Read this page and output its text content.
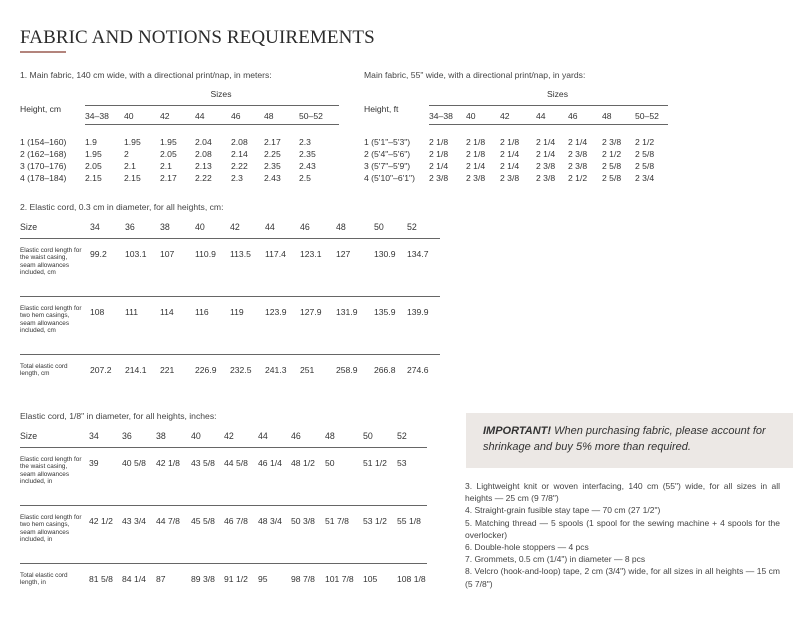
FABRIC AND NOTIONS REQUIREMENTS
1. Main fabric, 140 cm wide, with a directional print/nap, in meters:
Height, cm	Sizes						
	34–38	40	42	44	46	48	50–52
1 (154–160)	1.9	1.95	1.95	2.04	2.08	2.17	2.3
2 (162–168)	1.95	2	2.05	2.08	2.14	2.25	2.35
3 (170–176)	2.05	2.1	2.1	2.13	2.22	2.35	2.43
4 (178–184)	2.15	2.15	2.17	2.22	2.3	2.43	2.5
Main fabric, 55" wide, with a directional print/nap, in yards:
Height, ft	Sizes						
	34–38	40	42	44	46	48	50–52
1 (5'1"–5'3")	2 1/8	2 1/8	2 1/8	2 1/4	2 1/4	2 3/8	2 1/2
2 (5'4"–5'6")	2 1/8	2 1/8	2 1/4	2 1/4	2 3/8	2 1/2	2 5/8
3 (5'7"–5'9")	2 1/4	2 1/4	2 1/4	2 3/8	2 3/8	2 5/8	2 5/8
4 (5'10"–6'1")	2 3/8	2 3/8	2 3/8	2 3/8	2 1/2	2 5/8	2 3/4
2. Elastic cord, 0.3 cm in diameter, for all heights, cm:
Size	34	36	38	40	42	44	46	48	50	52
Elastic cord length for the waist casing, seam allowances included, cm	99.2	103.1	107	110.9	113.5	117.4	123.1	127	130.9	134.7
Elastic cord length for two hem casings, seam allowances included, cm	108	111	114	116	119	123.9	127.9	131.9	135.9	139.9
Total elastic cord length, cm	207.2	214.1	221	226.9	232.5	241.3	251	258.9	266.8	274.6
Elastic cord, 1/8" in diameter, for all heights, inches:
Size	34	36	38	40	42	44	46	48	50	52
Elastic cord length for the waist casing, seam allowances included, in	39	40 5/8	42 1/8	43 5/8	44 5/8	46 1/4	48 1/2	50	51 1/2	53
Elastic cord length for two hem casings, seam allowances included, in	42 1/2	43 3/4	44 7/8	45 5/8	46 7/8	48 3/4	50 3/8	51 7/8	53 1/2	55 1/8
Total elastic cord length, in	81 5/8	84 1/4	87	89 3/8	91 1/2	95	98 7/8	101 7/8	105	108 1/8
IMPORTANT! When purchasing fabric, please account for shrinkage and buy 5% more than required.
3. Lightweight knit or woven interfacing, 140 cm (55") wide, for all sizes in all heights — 25 cm (9 7/8")
4. Straight-grain fusible stay tape — 70 cm (27 1/2")
5. Matching thread — 5 spools (1 spool for the sewing machine + 4 spools for the overlocker)
6. Double-hole stoppers — 4 pcs
7. Grommets, 0.5 cm (1/4") in diameter — 8 pcs
8. Velcro (hook-and-loop) tape, 2 cm (3/4") wide, for all sizes in all heights — 15 cm (5 7/8")
